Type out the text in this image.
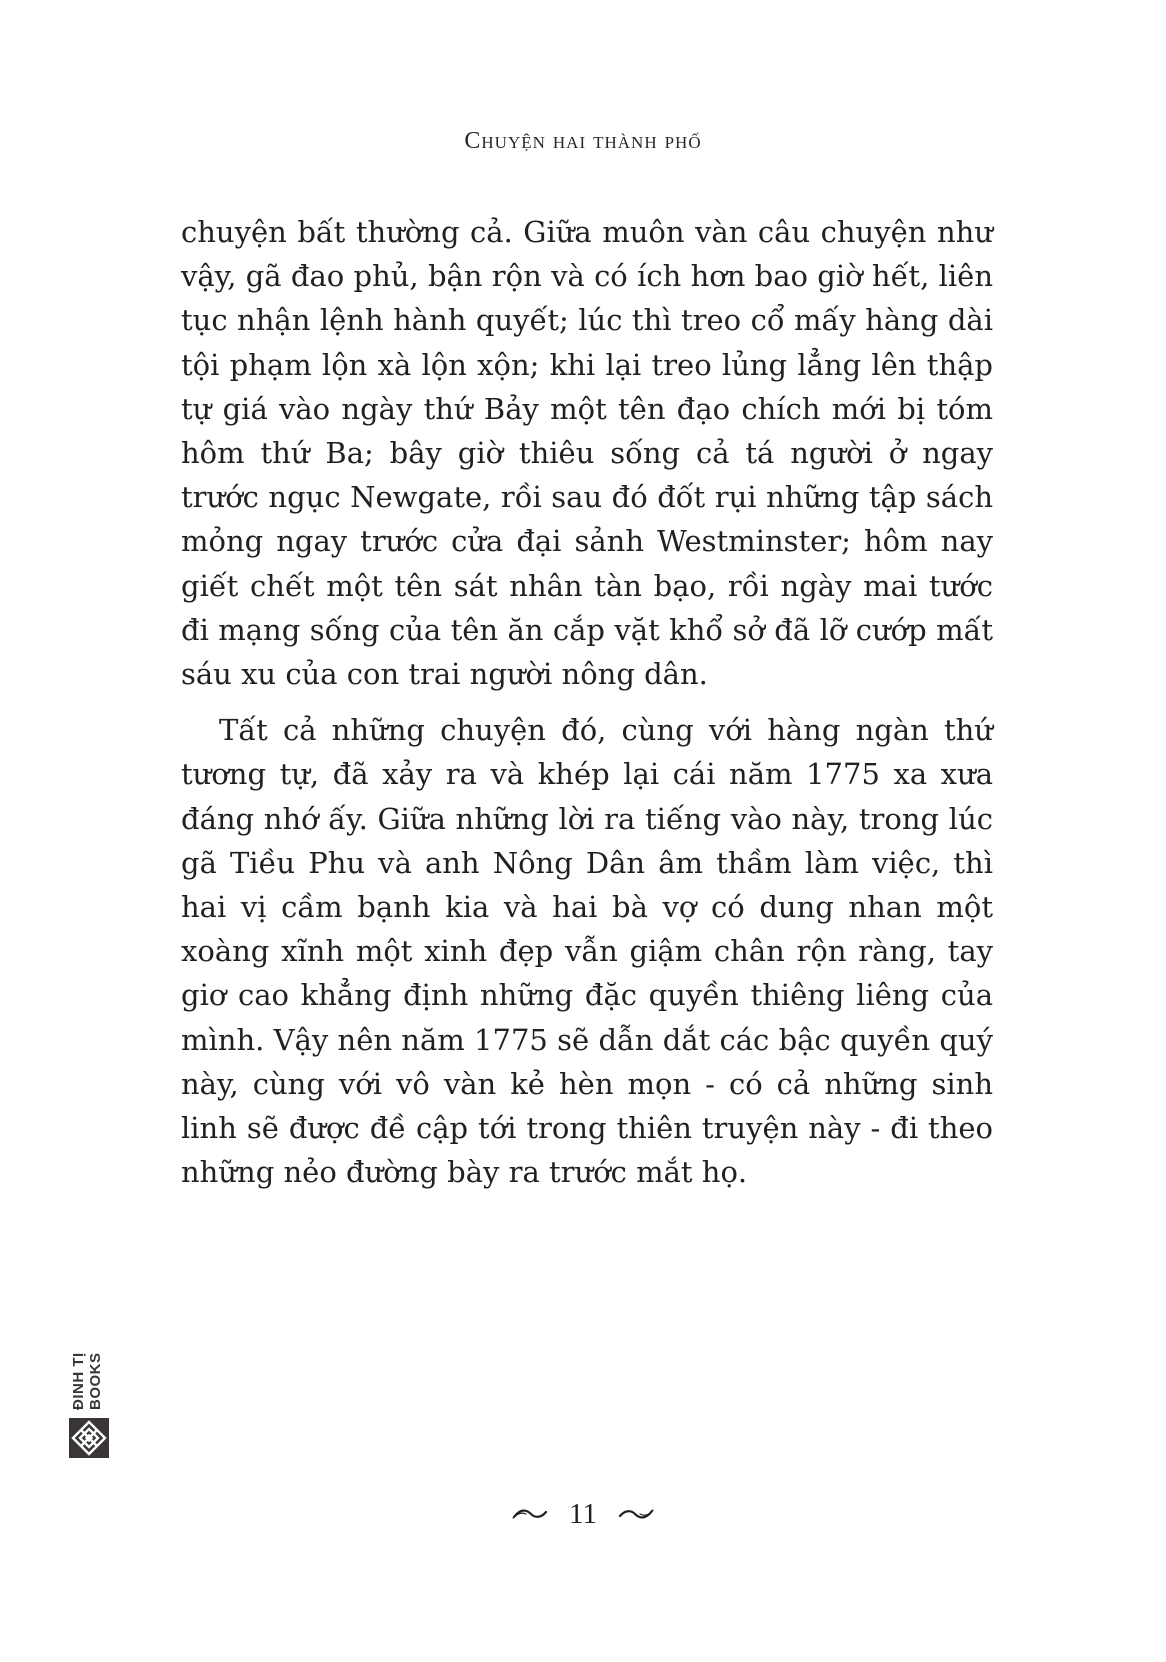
Chuyện hai thành phố

chuyện bất thường cả. Giữa muôn vàn câu chuyện như vậy, gã đao phủ, bận rộn và có ích hơn bao giờ hết, liên tục nhận lệnh hành quyết; lúc thì treo cổ mấy hàng dài tội phạm lộn xà lộn xộn; khi lại treo lủng lẳng lên thập tự giá vào ngày thứ Bảy một tên đạo chích mới bị tóm hôm thứ Ba; bây giờ thiêu sống cả tá người ở ngay trước ngục Newgate, rồi sau đó đốt rụi những tập sách mỏng ngay trước cửa đại sảnh Westminster; hôm nay giết chết một tên sát nhân tàn bạo, rồi ngày mai tước đi mạng sống của tên ăn cắp vặt khổ sở đã lỡ cướp mất sáu xu của con trai người nông dân.

Tất cả những chuyện đó, cùng với hàng ngàn thứ tương tự, đã xảy ra và khép lại cái năm 1775 xa xưa đáng nhớ ấy. Giữa những lời ra tiếng vào này, trong lúc gã Tiều Phu và anh Nông Dân âm thầm làm việc, thì hai vị cầm bạnh kia và hai bà vợ có dung nhan một xoàng xĩnh một xinh đẹp vẫn giậm chân rộn ràng, tay giơ cao khẳng định những đặc quyền thiêng liêng của mình. Vậy nên năm 1775 sẽ dẫn dắt các bậc quyền quý này, cùng với vô vàn kẻ hèn mọn - có cả những sinh linh sẽ được đề cập tới trong thiên truyện này - đi theo những nẻo đường bày ra trước mắt họ.

ĐINH TỊ BOOKS
11
